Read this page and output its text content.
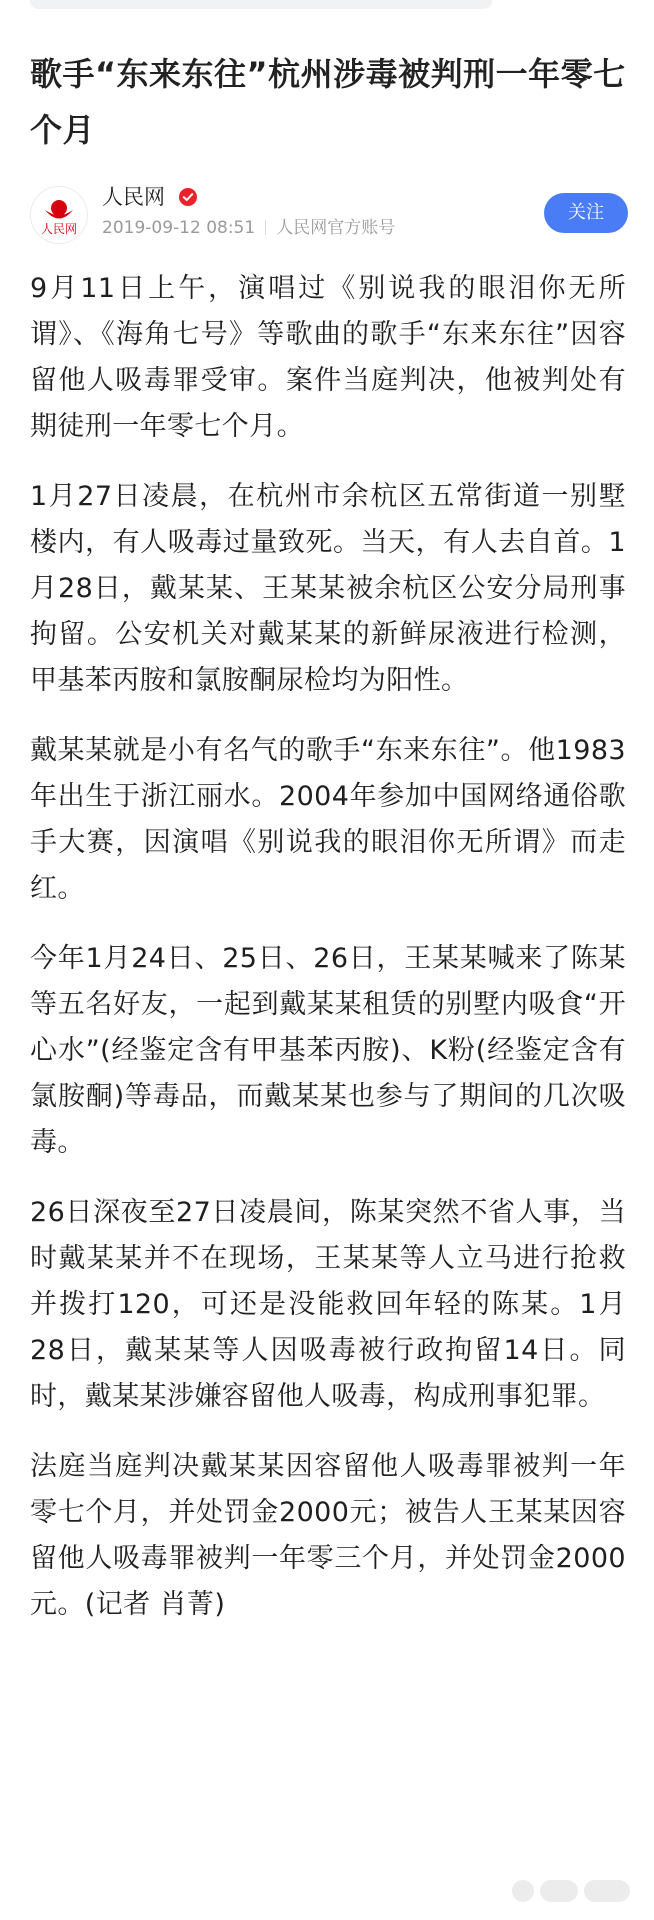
歌手“东来东往”杭州涉毒被判刑一年零七个月
人民网
人民网
2019-09-12 08:51 人民网官方账号
关注

9月11日上午，演唱过《别说我的眼泪你无所谓》、《海角七号》等歌曲的歌手“东来东往”因容留他人吸毒罪受审。案件当庭判决，他被判处有期徒刑一年零七个月。

1月27日凌晨，在杭州市余杭区五常街道一别墅楼内，有人吸毒过量致死。当天，有人去自首。1月28日，戴某某、王某某被余杭区公安分局刑事拘留。公安机关对戴某某的新鲜尿液进行检测，甲基苯丙胺和氯胺酮尿检均为阳性。

戴某某就是小有名气的歌手“东来东往”。他1983年出生于浙江丽水。2004年参加中国网络通俗歌手大赛，因演唱《别说我的眼泪你无所谓》而走红。

今年1月24日、25日、26日，王某某喊来了陈某等五名好友，一起到戴某某租赁的别墅内吸食“开心水”(经鉴定含有甲基苯丙胺)、K粉(经鉴定含有氯胺酮)等毒品，而戴某某也参与了期间的几次吸毒。

26日深夜至27日凌晨间，陈某突然不省人事，当时戴某某并不在现场，王某某等人立马进行抢救并拨打120，可还是没能救回年轻的陈某。1月28日，戴某某等人因吸毒被行政拘留14日。同时，戴某某涉嫌容留他人吸毒，构成刑事犯罪。

法庭当庭判决戴某某因容留他人吸毒罪被判一年零七个月，并处罚金2000元；被告人王某某因容留他人吸毒罪被判一年零三个月，并处罚金2000元。(记者 肖菁)
